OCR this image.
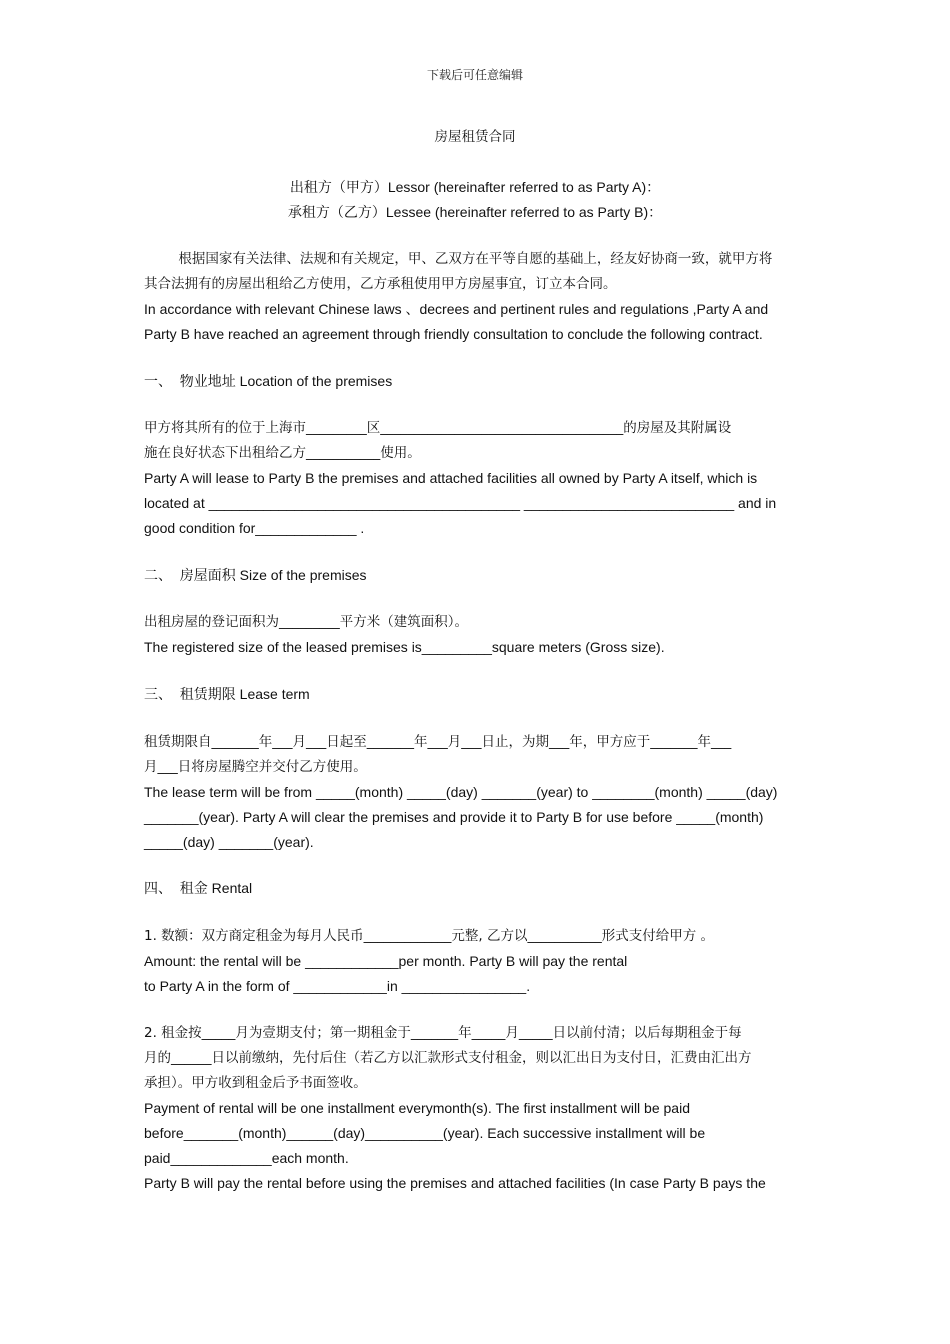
下载后可任意编辑
房屋租赁合同
出租方（甲方）Lessor (hereinafter referred to as Party A)：
承租方（乙方）Lessee (hereinafter referred to as Party B)：
根据国家有关法律、法规和有关规定，甲、乙双方在平等自愿的基础上，经友好协商一致，就甲方将
其合法拥有的房屋出租给乙方使用，乙方承租使用甲方房屋事宜，订立本合同。
In accordance with relevant Chinese laws 、decrees and pertinent rules and regulations ,Party A and
Party B have reached an agreement through friendly consultation to conclude the following contract.
一、  物业地址 Location of the premises
甲方将其所有的位于上海市_________区____________________________________的房屋及其附属设
施在良好状态下出租给乙方___________使用。
Party A will lease to Party B the premises and attached facilities all owned by Party A itself, which is
located at ________________________________________ ___________________________ and in
good condition for_____________ .
二、  房屋面积 Size of the premises
出租房屋的登记面积为_________平方米（建筑面积）。
The registered size of the leased premises is_________square meters (Gross size).
三、  租赁期限 Lease term
租赁期限自_______年___月___日起至_______年___月___日止，为期___年，甲方应于_______年___
月___日将房屋腾空并交付乙方使用。
The lease term will be from _____(month) _____(day) _______(year) to ________(month) _____(day)
_______(year). Party A will clear the premises and provide it to Party B for use before _____(month)
_____(day) _______(year).
四、  租金 Rental
1. 数额：双方商定租金为每月人民币_____________元整, 乙方以___________形式支付给甲方 。
Amount: the rental will be ____________per month. Party B will pay the rental
to Party A in the form of ____________in ________________.
2. 租金按_____月为壹期支付；第一期租金于_______年_____月_____日以前付清；以后每期租金于每
月的______日以前缴纳，先付后住（若乙方以汇款形式支付租金，则以汇出日为支付日，汇费由汇出方
承担）。甲方收到租金后予书面签收。
Payment of rental will be one installment everymonth(s). The first installment will be paid
before_______(month)______(day)__________(year). Each successive installment will be
paid_____________each month.
Party B will pay the rental before using the premises and attached facilities (In case Party B pays the
